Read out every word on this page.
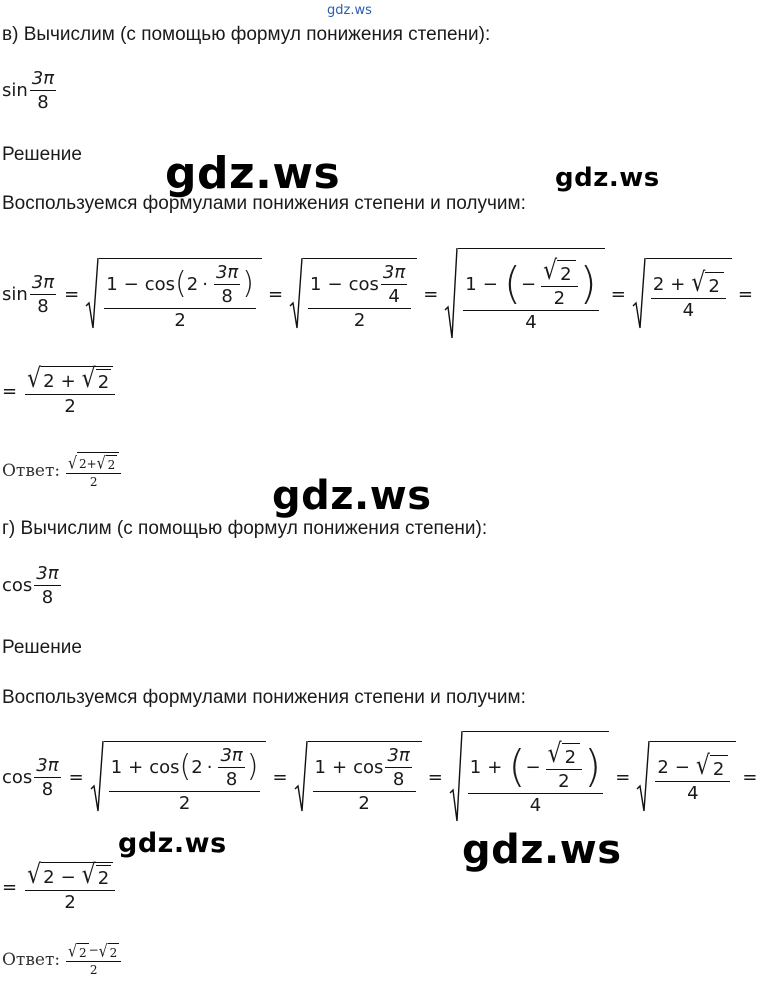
gdz.ws
gdz.ws	gdz.ws
gdz.ws
gdz.ws	gdz.ws
в) Вычислим (с помощью формул понижения степени):
$\sin \frac{3\pi}{8}$
Решение
Воспользуемся формулами понижения степени и получим:
$\sin \frac{3\pi}{8} = 1 - \cos$ ( $2 \cdot \frac{3\pi}{8}$ )
2
= $1 - \cos \frac{3\pi}{4}$
2
= 1 − ( − $\frac{√ 2}{2}$ )
4
= $\frac{2 + √ 2}{4}$ =
= √ 2 + √ 2
2
Ответ: √ 2 + √ 2
2
г) Вычислим (с помощью формул понижения степени):
$\cos \frac{3\pi}{8}$
Решение
Воспользуемся формулами понижения степени и получим:
$\cos \frac{3\pi}{8} = 1 + \cos$ ( $2 \cdot \frac{3\pi}{8}$ )
2
= $1 + \cos \frac{3\pi}{8}$
2
= 1 + ( − $\frac{√ 2}{2}$ )
4
= $\frac{2 - √ 2}{4}$ =
= √ 2 − √ 2
2
Ответ: $\frac{√ 2 - √ 2}{2}$
